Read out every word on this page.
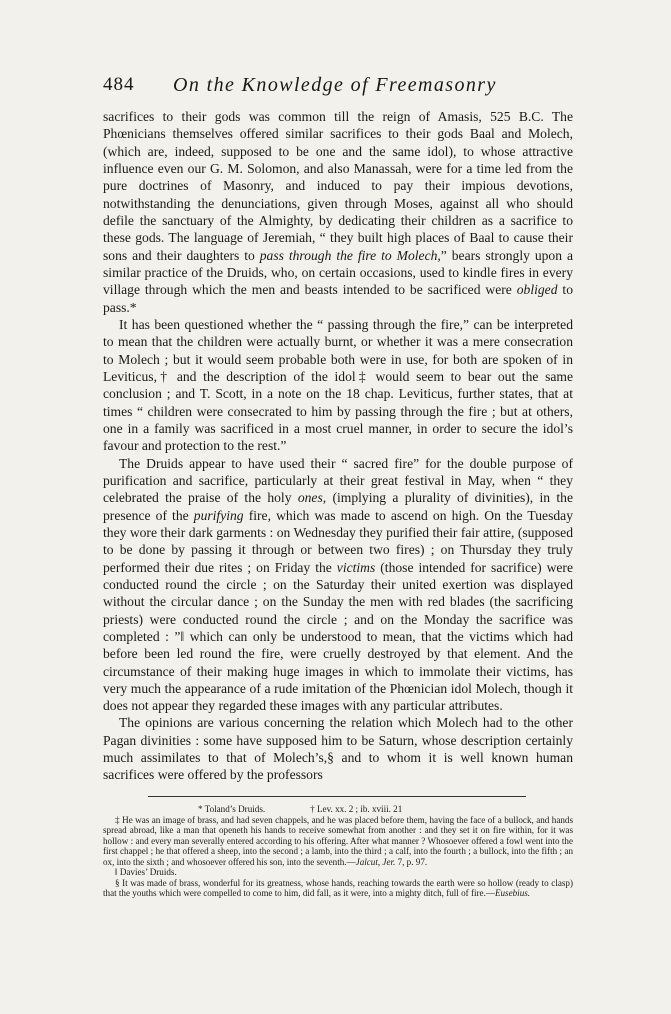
484 On the Knowledge of Freemasonry

sacrifices to their gods was common till the reign of Amasis, 525 B.C. The Phœnicians themselves offered similar sacrifices to their gods Baal and Molech, (which are, indeed, supposed to be one and the same idol), to whose attractive influence even our G. M. Solomon, and also Manassah, were for a time led from the pure doctrines of Masonry, and induced to pay their impious devotions, notwithstanding the denunciations, given through Moses, against all who should defile the sanctuary of the Almighty, by dedicating their children as a sacrifice to these gods. The language of Jeremiah, “ they built high places of Baal to cause their sons and their daughters to pass through the fire to Molech,” bears strongly upon a similar practice of the Druids, who, on certain occasions, used to kindle fires in every village through which the men and beasts intended to be sacrificed were obliged to pass.*

It has been questioned whether the “ passing through the fire,” can be interpreted to mean that the children were actually burnt, or whether it was a mere consecration to Molech ; but it would seem probable both were in use, for both are spoken of in Leviticus,† and the description of the idol‡ would seem to bear out the same conclusion ; and T. Scott, in a note on the 18 chap. Leviticus, further states, that at times “ children were consecrated to him by passing through the fire ; but at others, one in a family was sacrificed in a most cruel manner, in order to secure the idol’s favour and protection to the rest.”

The Druids appear to have used their “ sacred fire” for the double purpose of purification and sacrifice, particularly at their great festival in May, when “ they celebrated the praise of the holy ones, (implying a plurality of divinities), in the presence of the purifying fire, which was made to ascend on high. On the Tuesday they wore their dark garments : on Wednesday they purified their fair attire, (supposed to be done by passing it through or between two fires) ; on Thursday they truly performed their due rites ; on Friday the victims (those intended for sacrifice) were conducted round the circle ; on the Saturday their united exertion was displayed without the circular dance ; on the Sunday the men with red blades (the sacrificing priests) were conducted round the circle ; and on the Monday the sacrifice was completed : ”‖ which can only be understood to mean, that the victims which had before been led round the fire, were cruelly destroyed by that element. And the circumstance of their making huge images in which to immolate their victims, has very much the appearance of a rude imitation of the Phœnician idol Molech, though it does not appear they regarded these images with any particular attributes.

The opinions are various concerning the relation which Molech had to the other Pagan divinities : some have supposed him to be Saturn, whose description certainly much assimilates to that of Molech’s,§ and to whom it is well known human sacrifices were offered by the professors

* Toland’s Druids.	† Lev. xx. 2 ; ib. xviii. 21

‡ He was an image of brass, and had seven chappels, and he was placed before them, having the face of a bullock, and hands spread abroad, like a man that openeth his hands to receive somewhat from another : and they set it on fire within, for it was hollow : and every man severally entered according to his offering. After what manner ? Whosoever offered a fowl went into the first chappel ; he that offered a sheep, into the second ; a lamb, into the third ; a calf, into the fourth ; a bullock, into the fifth ; an ox, into the sixth ; and whosoever offered his son, into the seventh.—Jalcut, Jer. 7, p. 97.

‖ Davies’ Druids.

§ It was made of brass, wonderful for its greatness, whose hands, reaching towards the earth were so hollow (ready to clasp) that the youths which were compelled to come to him, did fall, as it were, into a mighty ditch, full of fire.—Eusebius.
